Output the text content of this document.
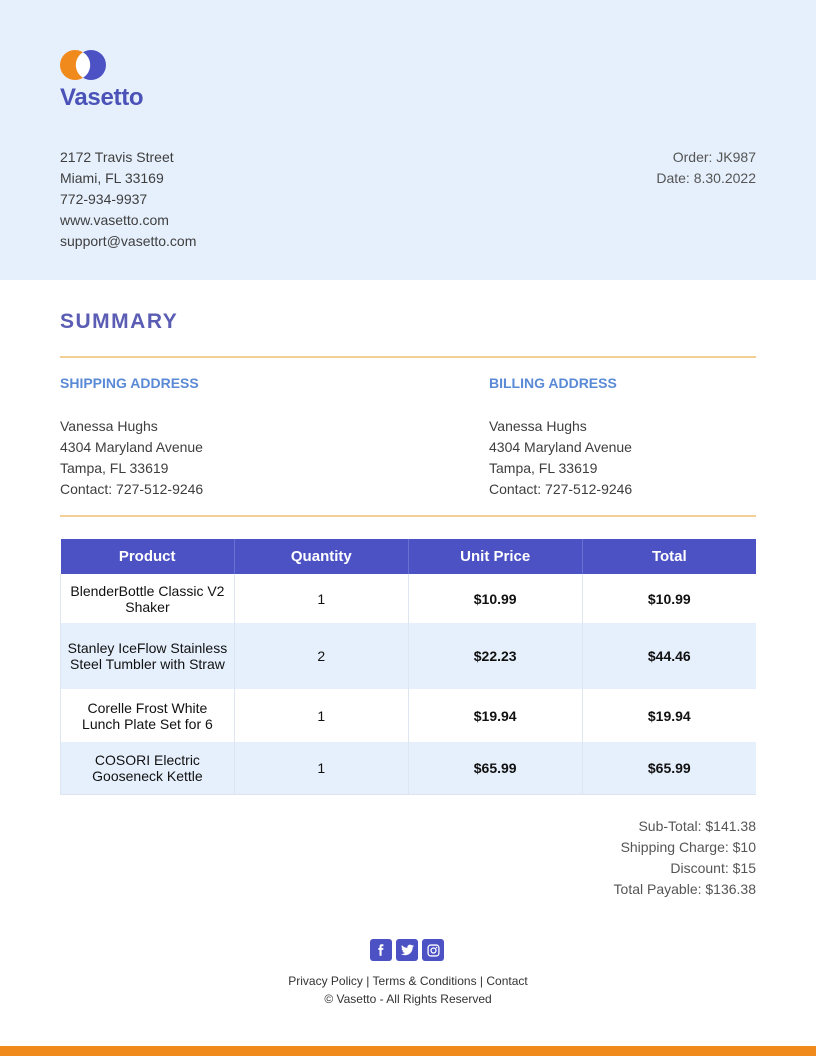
Vasetto
2172 Travis Street
Miami, FL 33169
772-934-9937
www.vasetto.com
support@vasetto.com
Order: JK987
Date: 8.30.2022
SUMMARY
SHIPPING ADDRESS
Vanessa Hughs
4304 Maryland Avenue
Tampa, FL 33619
Contact: 727-512-9246
BILLING ADDRESS
Vanessa Hughs
4304 Maryland Avenue
Tampa, FL 33619
Contact: 727-512-9246
Product	Quantity	Unit Price	Total
BlenderBottle Classic V2 Shaker	1	$10.99	$10.99
Stanley IceFlow Stainless Steel Tumbler with Straw	2	$22.23	$44.46
Corelle Frost White Lunch Plate Set for 6	1	$19.94	$19.94
COSORI Electric Gooseneck Kettle	1	$65.99	$65.99
Sub-Total: $141.38
Shipping Charge: $10
Discount: $15
Total Payable: $136.38
Privacy Policy | Terms & Conditions | Contact
© Vasetto - All Rights Reserved
